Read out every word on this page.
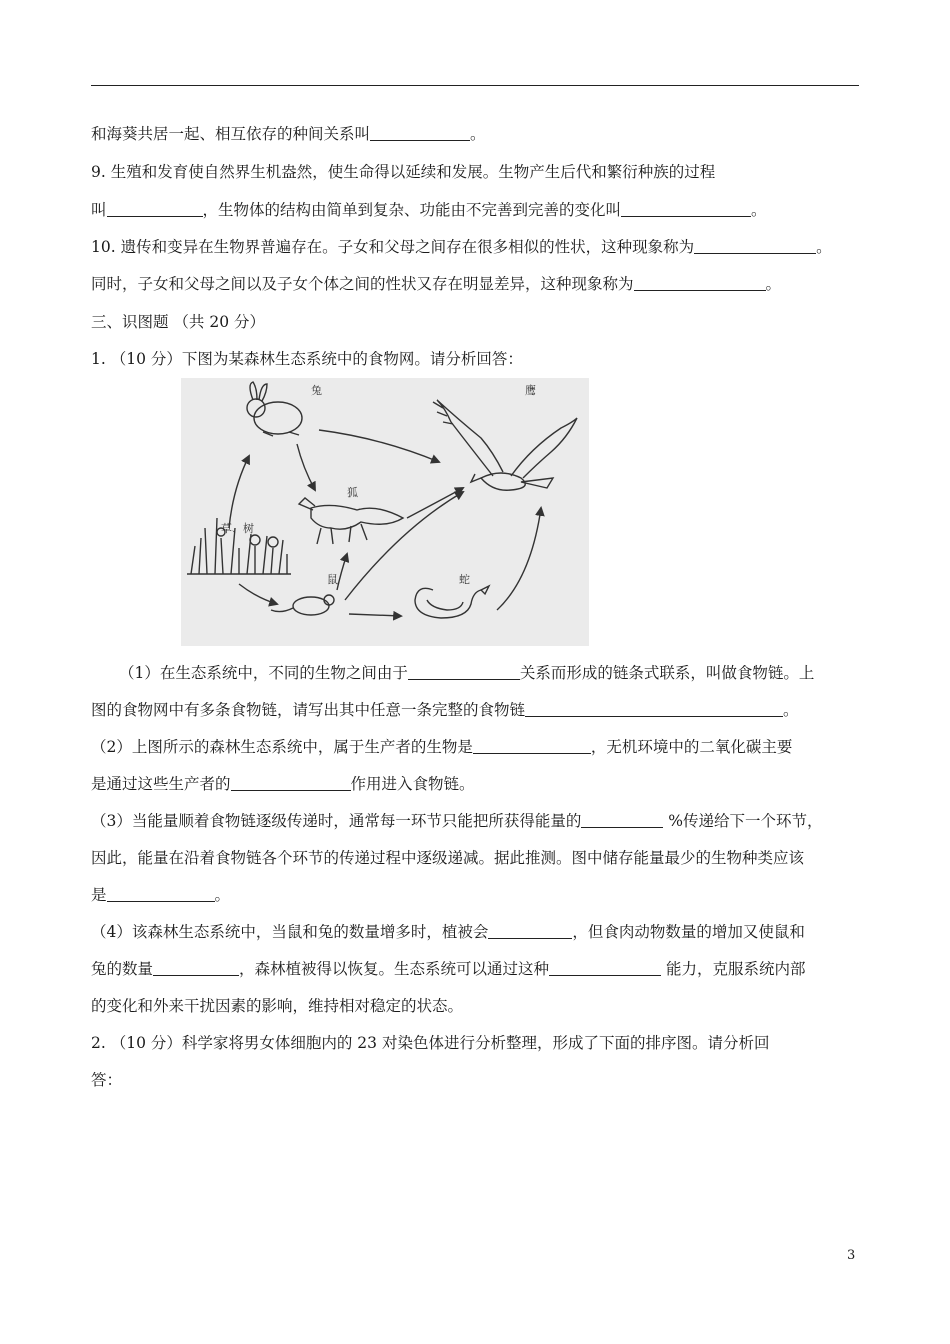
和海葵共居一起、相互依存的种间关系叫	。
9. 生殖和发育使自然界生机盎然，使生命得以延续和发展。生物产生后代和繁衍种族的过程
叫	，生物体的结构由简单到复杂、功能由不完善到完善的变化叫	。
10. 遗传和变异在生物界普遍存在。子女和父母之间存在很多相似的性状，这种现象称为	。
同时，子女和父母之间以及子女个体之间的性状又存在明显差异，这种现象称为	。
三、识图题 （共 20 分）
1. （10 分）下图为某森林生态系统中的食物网。请分析回答：
兔	鹰
狐
草、树
鼠	蛇
（1）在生态系统中，不同的生物之间由于	关系而形成的链条式联系，叫做食物链。上
图的食物网中有多条食物链，请写出其中任意一条完整的食物链	。
（2）上图所示的森林生态系统中，属于生产者的生物是	，无机环境中的二氧化碳主要
是通过这些生产者的	作用进入食物链。
（3）当能量顺着食物链逐级传递时，通常每一环节只能把所获得能量的	%传递给下一个环节，
因此，能量在沿着食物链各个环节的传递过程中逐级递减。据此推测。图中储存能量最少的生物种类应该
是	。
（4）该森林生态系统中，当鼠和兔的数量增多时，植被会	，但食肉动物数量的增加又使鼠和
兔的数量	，森林植被得以恢复。生态系统可以通过这种	能力，克服系统内部
的变化和外来干扰因素的影响，维持相对稳定的状态。
2. （10 分）科学家将男女体细胞内的 23 对染色体进行分析整理，形成了下面的排序图。请分析回
答：
3
